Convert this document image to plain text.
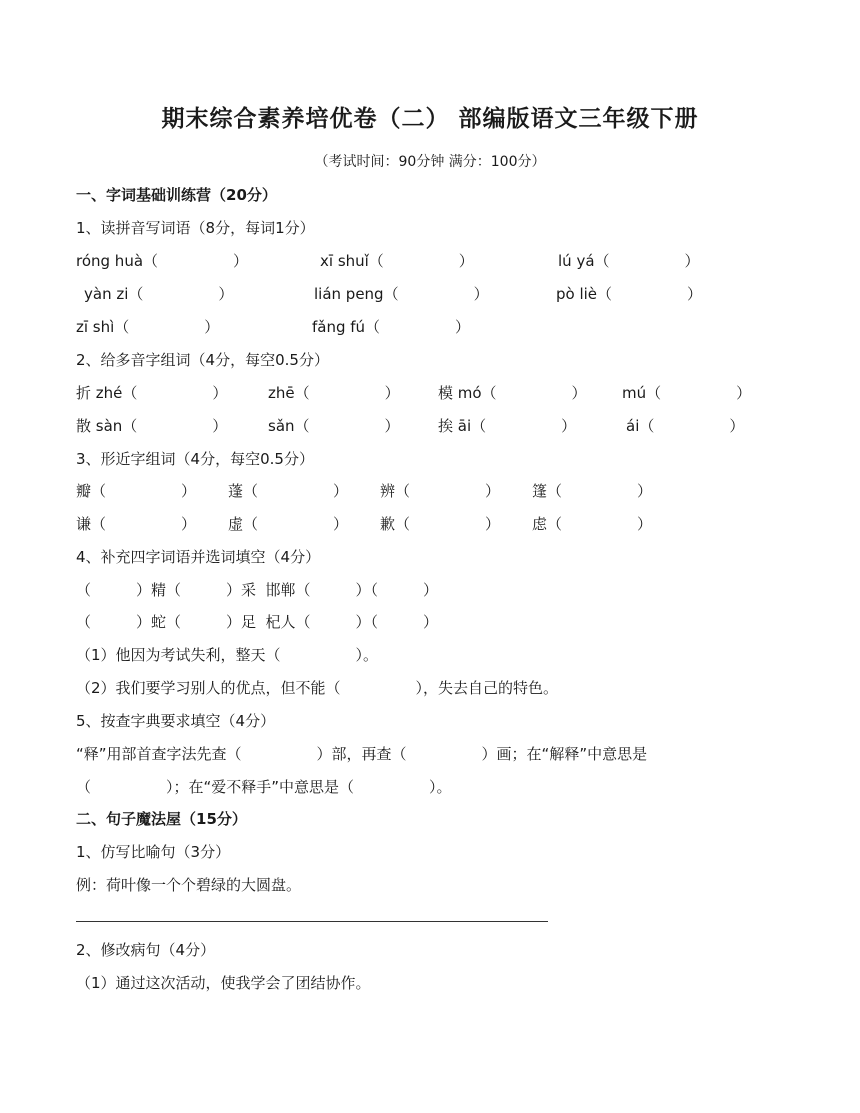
期末综合素养培优卷（二） 部编版语文三年级下册
（考试时间：90分钟 满分：100分）
一、字词基础训练营（20分）
1、读拼音写词语（8分，每词1分）
róng huà（　　　　　）	xī shuǐ（　　　　　）	lú yá（　　　　　）
yàn zi（　　　　　）	lián peng（　　　　　）	pò liè（　　　　　）
zī shì（　　　　　）	fǎng fú（　　　　　）
2、给多音字组词（4分，每空0.5分）
折 zhé（　　　　　）	zhē（　　　　　）	模 mó（　　　　　） mú（　　　　　）
散 sàn（　　　　　）	sǎn（　　　　　）	挨 āi（　　　　　）	ái（　　　　　）
3、形近字组词（4分，每空0.5分）
瓣（　　　　　） 蓬（　　　　　） 辨（　　　　　） 篷（　　　　　）
谦（　　　　　） 虚（　　　　　） 歉（　　　　　） 虑（　　　　　）
4、补充四字词语并选词填空（4分）
（　　　）精（　　　）采  邯郸（　　　）（　　　）
（　　　）蛇（　　　）足  杞人（　　　）（　　　）
（1）他因为考试失利，整天（　　　　　）。
（2）我们要学习别人的优点，但不能（　　　　　），失去自己的特色。
5、按查字典要求填空（4分）
“释”用部首查字法先查（　　　　　）部，再查（　　　　　）画；在“解释”中意思是
（　　　　　）；在“爱不释手”中意思是（　　　　　）。
二、句子魔法屋（15分）
1、仿写比喻句（3分）
例：荷叶像一个个碧绿的大圆盘。
2、修改病句（4分）
（1）通过这次活动，使我学会了团结协作。
